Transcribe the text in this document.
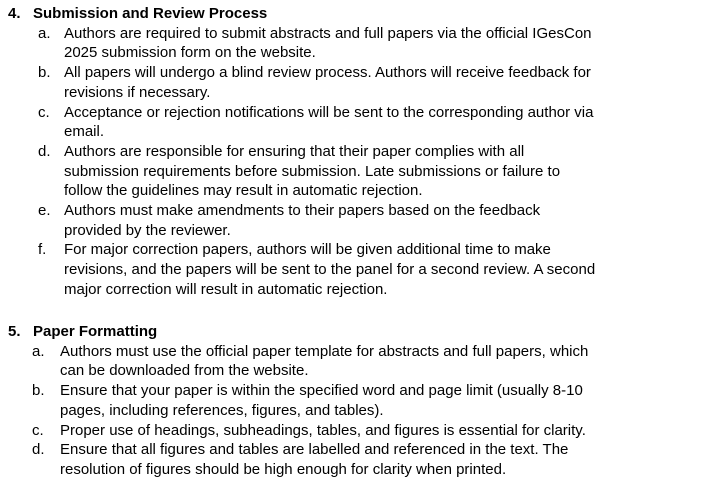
4. Submission and Review Process
a. Authors are required to submit abstracts and full papers via the official IGesCon
2025 submission form on the website.
b. All papers will undergo a blind review process. Authors will receive feedback for
revisions if necessary.
c. Acceptance or rejection notifications will be sent to the corresponding author via
email.
d. Authors are responsible for ensuring that their paper complies with all
submission requirements before submission. Late submissions or failure to
follow the guidelines may result in automatic rejection.
e. Authors must make amendments to their papers based on the feedback
provided by the reviewer.
f. For major correction papers, authors will be given additional time to make
revisions, and the papers will be sent to the panel for a second review. A second
major correction will result in automatic rejection.
5. Paper Formatting
a. Authors must use the official paper template for abstracts and full papers, which
can be downloaded from the website.
b. Ensure that your paper is within the specified word and page limit (usually 8-10
pages, including references, figures, and tables).
c. Proper use of headings, subheadings, tables, and figures is essential for clarity.
d. Ensure that all figures and tables are labelled and referenced in the text. The
resolution of figures should be high enough for clarity when printed.
